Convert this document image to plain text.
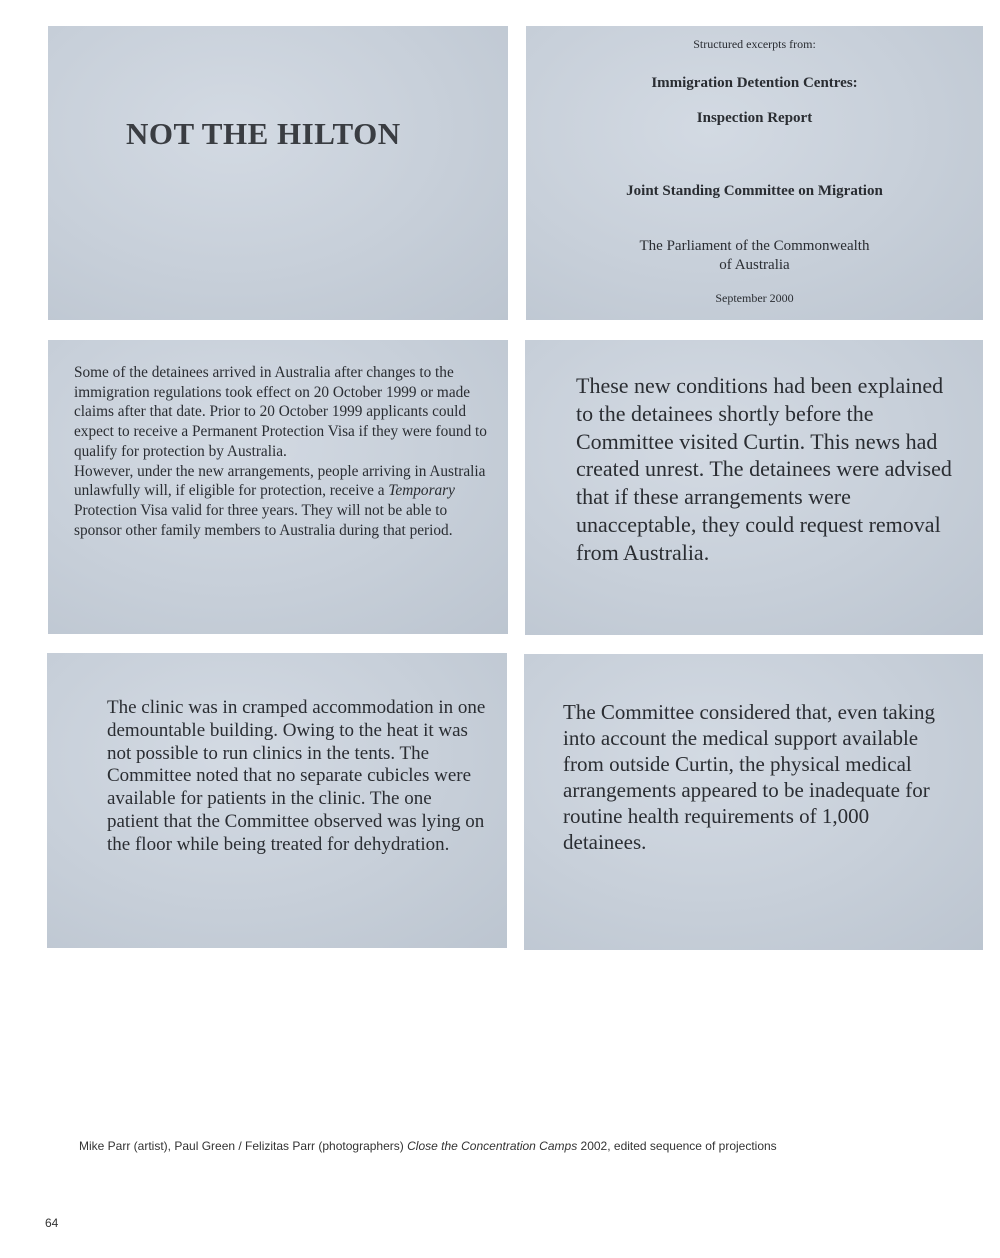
NOT THE HILTON
Structured excerpts from:
Immigration Detention Centres:
Inspection Report
Joint Standing Committee on Migration
The Parliament of the Commonwealth
of Australia
September 2000

Some of the detainees arrived in Australia after changes to the immigration regulations took effect on 20 October 1999 or made claims after that date. Prior to 20 October 1999 applicants could expect to receive a Permanent Protection Visa if they were found to qualify for protection by Australia.

However, under the new arrangements, people arriving in Australia unlawfully will, if eligible for protection, receive a Temporary Protection Visa valid for three years. They will not be able to sponsor other family members to Australia during that period.

These new conditions had been explained to the detainees shortly before the Committee visited Curtin. This news had created unrest. The detainees were advised that if these arrangements were unacceptable, they could request removal from Australia.
The clinic was in cramped accommodation in one demountable building. Owing to the heat it was not possible to run clinics in the tents. The Committee noted that no separate cubicles were available for patients in the clinic. The one patient that the Committee observed was lying on the floor while being treated for dehydration.
The Committee considered that, even taking into account the medical support available from outside Curtin, the physical medical arrangements appeared to be inadequate for routine health requirements of 1,000 detainees.
Mike Parr (artist), Paul Green / Felizitas Parr (photographers) Close the Concentration Camps 2002, edited sequence of projections
64
